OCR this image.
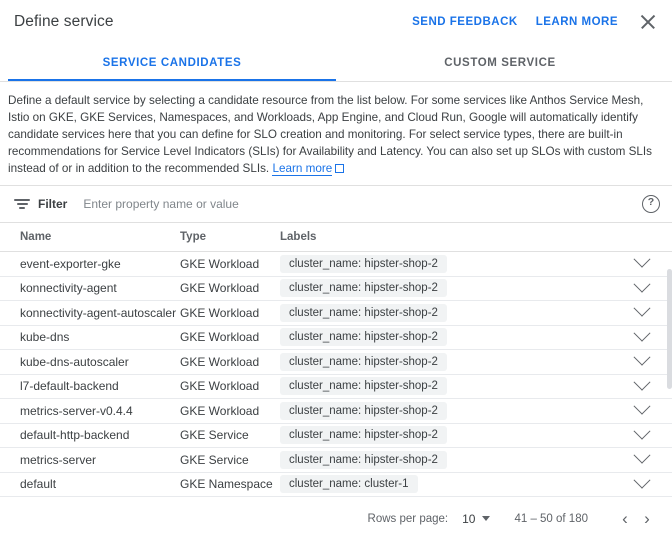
Define service	SEND FEEDBACK LEARN MORE
SERVICE CANDIDATES	CUSTOM SERVICE
Define a default service by selecting a candidate resource from the list below. For some services like Anthos Service Mesh, Istio on GKE, GKE Services, Namespaces, and Workloads, App Engine, and Cloud Run, Google will automatically identify candidate services here that you can define for SLO creation and monitoring. For select service types, there are built-in recommendations for Service Level Indicators (SLIs) for Availability and Latency. You can also set up SLOs with custom SLIs instead of or in addition to the recommended SLIs. Learn more
Filter
Enter property name or value	?
Name	Type	Labels	
event-exporter-gke	GKE Workload	cluster_name: hipster-shop-2	
konnectivity-agent	GKE Workload	cluster_name: hipster-shop-2	
konnectivity-agent-autoscaler	GKE Workload	cluster_name: hipster-shop-2	
kube-dns	GKE Workload	cluster_name: hipster-shop-2	
kube-dns-autoscaler	GKE Workload	cluster_name: hipster-shop-2	
l7-default-backend	GKE Workload	cluster_name: hipster-shop-2	
metrics-server-v0.4.4	GKE Workload	cluster_name: hipster-shop-2	
default-http-backend	GKE Service	cluster_name: hipster-shop-2	
metrics-server	GKE Service	cluster_name: hipster-shop-2	
default	GKE Namespace	cluster_name: cluster-1	
Rows per page: 10	41 – 50 of 180	‹ ›
